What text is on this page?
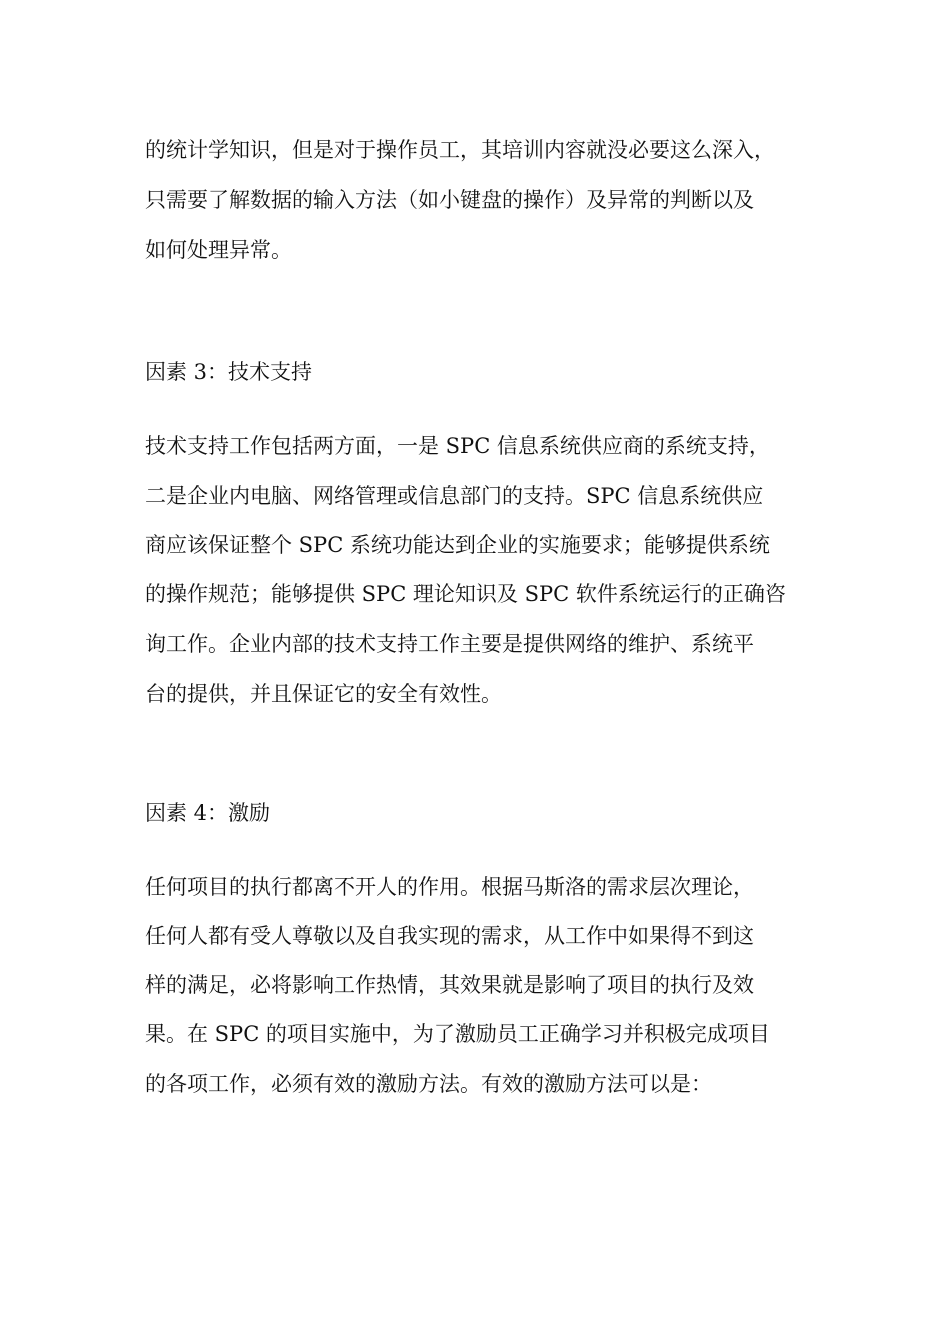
的统计学知识，但是对于操作员工，其培训内容就没必要这么深入，
只需要了解数据的输入方法（如小键盘的操作）及异常的判断以及
如何处理异常。
因素 3：技术支持
技术支持工作包括两方面，一是 SPC 信息系统供应商的系统支持，
二是企业内电脑、网络管理或信息部门的支持。SPC 信息系统供应
商应该保证整个 SPC 系统功能达到企业的实施要求；能够提供系统
的操作规范；能够提供 SPC 理论知识及 SPC 软件系统运行的正确咨
询工作。企业内部的技术支持工作主要是提供网络的维护、系统平
台的提供，并且保证它的安全有效性。
因素 4：激励
任何项目的执行都离不开人的作用。根据马斯洛的需求层次理论，
任何人都有受人尊敬以及自我实现的需求，从工作中如果得不到这
样的满足，必将影响工作热情，其效果就是影响了项目的执行及效
果。在 SPC 的项目实施中，为了激励员工正确学习并积极完成项目
的各项工作，必须有效的激励方法。有效的激励方法可以是：
